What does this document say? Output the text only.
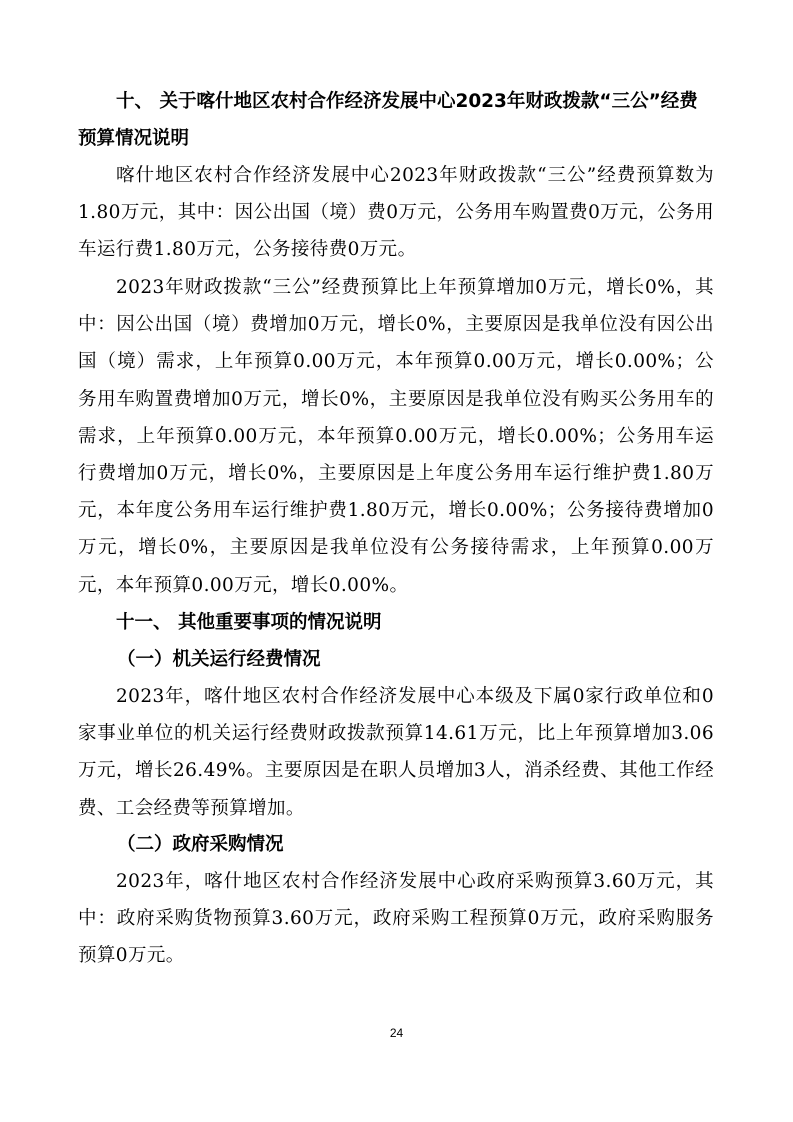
十、 关于喀什地区农村合作经济发展中心2023年财政拨款“三公”经费预算情况说明

喀什地区农村合作经济发展中心2023年财政拨款“三公”经费预算数为1.80万元，其中：因公出国（境）费0万元，公务用车购置费0万元，公务用车运行费1.80万元，公务接待费0万元。

2023年财政拨款“三公”经费预算比上年预算增加0万元，增长0%，其中：因公出国（境）费增加0万元，增长0%，主要原因是我单位没有因公出国（境）需求，上年预算0.00万元，本年预算0.00万元，增长0.00%；公务用车购置费增加0万元，增长0%，主要原因是我单位没有购买公务用车的需求，上年预算0.00万元，本年预算0.00万元，增长0.00%；公务用车运行费增加0万元，增长0%，主要原因是上年度公务用车运行维护费1.80万元，本年度公务用车运行维护费1.80万元，增长0.00%；公务接待费增加0万元，增长0%，主要原因是我单位没有公务接待需求，上年预算0.00万元，本年预算0.00万元，增长0.00%。

十一、 其他重要事项的情况说明

（一）机关运行经费情况

2023年，喀什地区农村合作经济发展中心本级及下属0家行政单位和0家事业单位的机关运行经费财政拨款预算14.61万元，比上年预算增加3.06万元，增长26.49%。主要原因是在职人员增加3人，消杀经费、其他工作经费、工会经费等预算增加。

（二）政府采购情况

2023年，喀什地区农村合作经济发展中心政府采购预算3.60万元，其中：政府采购货物预算3.60万元，政府采购工程预算0万元，政府采购服务预算0万元。

24
